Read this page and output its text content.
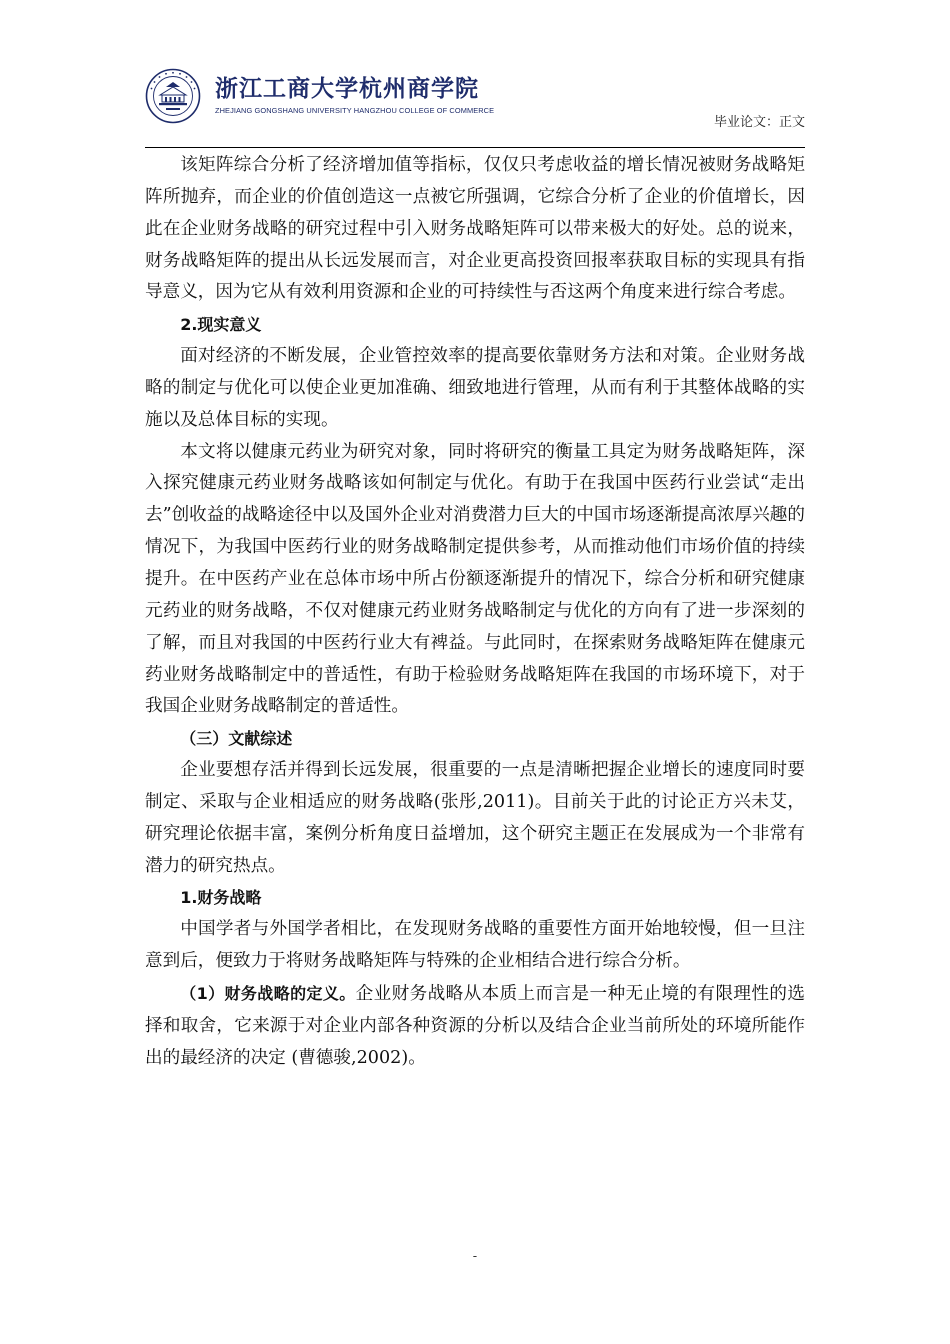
浙江工商大学杭州商学院
ZHEJIANG GONGSHANG UNIVERSITY HANGZHOU COLLEGE OF COMMERCE
毕业论文：正文

该矩阵综合分析了经济增加值等指标，仅仅只考虑收益的增长情况被财务战略矩阵所抛弃，而企业的价值创造这一点被它所强调，它综合分析了企业的价值增长，因此在企业财务战略的研究过程中引入财务战略矩阵可以带来极大的好处。总的说来，财务战略矩阵的提出从长远发展而言，对企业更高投资回报率获取目标的实现具有指导意义，因为它从有效利用资源和企业的可持续性与否这两个角度来进行综合考虑。

2.现实意义

面对经济的不断发展，企业管控效率的提高要依靠财务方法和对策。企业财务战略的制定与优化可以使企业更加准确、细致地进行管理，从而有利于其整体战略的实施以及总体目标的实现。

本文将以健康元药业为研究对象，同时将研究的衡量工具定为财务战略矩阵，深入探究健康元药业财务战略该如何制定与优化。有助于在我国中医药行业尝试“走出去”创收益的战略途径中以及国外企业对消费潜力巨大的中国市场逐渐提高浓厚兴趣的情况下，为我国中医药行业的财务战略制定提供参考，从而推动他们市场价值的持续提升。在中医药产业在总体市场中所占份额逐渐提升的情况下，综合分析和研究健康元药业的财务战略，不仅对健康元药业财务战略制定与优化的方向有了进一步深刻的了解，而且对我国的中医药行业大有裨益。与此同时，在探索财务战略矩阵在健康元药业财务战略制定中的普适性，有助于检验财务战略矩阵在我国的市场环境下，对于我国企业财务战略制定的普适性。

（三）文献综述

企业要想存活并得到长远发展，很重要的一点是清晰把握企业增长的速度同时要制定、采取与企业相适应的财务战略(张彤,2011)。目前关于此的讨论正方兴未艾，研究理论依据丰富，案例分析角度日益增加，这个研究主题正在发展成为一个非常有潜力的研究热点。

1.财务战略

中国学者与外国学者相比，在发现财务战略的重要性方面开始地较慢，但一旦注意到后，便致力于将财务战略矩阵与特殊的企业相结合进行综合分析。

（1）财务战略的定义。企业财务战略从本质上而言是一种无止境的有限理性的选择和取舍，它来源于对企业内部各种资源的分析以及结合企业当前所处的环境所能作出的最经济的决定 (曹德骏,2002)。

-
